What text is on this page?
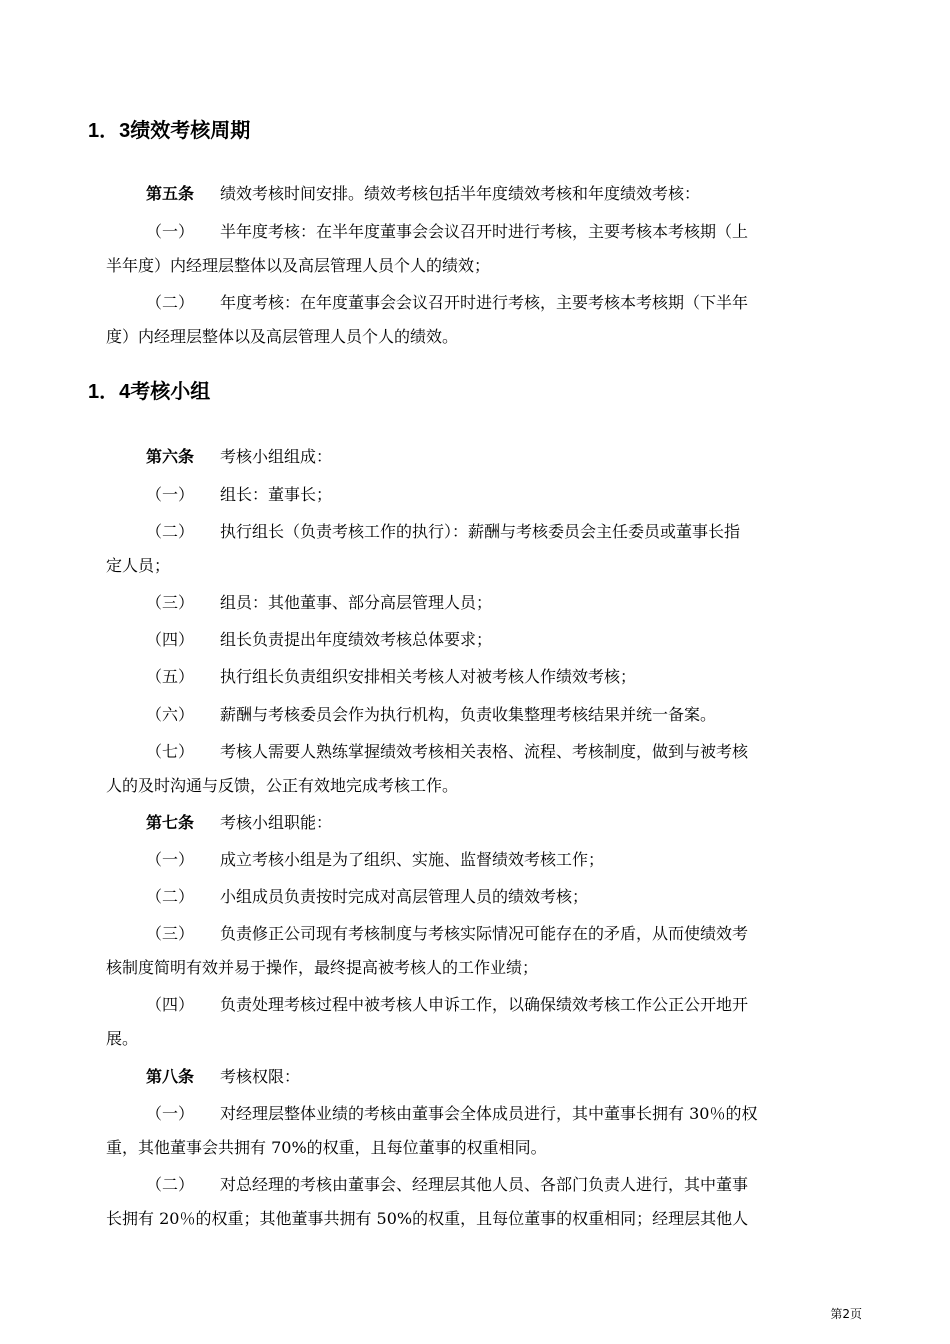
1．3绩效考核周期
第五条 绩效考核时间安排。绩效考核包括半年度绩效考核和年度绩效考核：
（一） 半年度考核：在半年度董事会会议召开时进行考核，主要考核本考核期（上
半年度）内经理层整体以及高层管理人员个人的绩效；
（二） 年度考核：在年度董事会会议召开时进行考核，主要考核本考核期（下半年
度）内经理层整体以及高层管理人员个人的绩效。
1．4考核小组
第六条 考核小组组成：
（一） 组长：董事长；
（二） 执行组长（负责考核工作的执行）：薪酬与考核委员会主任委员或董事长指
定人员；
（三） 组员：其他董事、部分高层管理人员；
（四） 组长负责提出年度绩效考核总体要求；
（五） 执行组长负责组织安排相关考核人对被考核人作绩效考核；
（六） 薪酬与考核委员会作为执行机构，负责收集整理考核结果并统一备案。
（七） 考核人需要人熟练掌握绩效考核相关表格、流程、考核制度，做到与被考核
人的及时沟通与反馈，公正有效地完成考核工作。
第七条 考核小组职能：
（一） 成立考核小组是为了组织、实施、监督绩效考核工作；
（二） 小组成员负责按时完成对高层管理人员的绩效考核；
（三） 负责修正公司现有考核制度与考核实际情况可能存在的矛盾，从而使绩效考
核制度简明有效并易于操作，最终提高被考核人的工作业绩；
（四） 负责处理考核过程中被考核人申诉工作，以确保绩效考核工作公正公开地开
展。
第八条 考核权限：
（一） 对经理层整体业绩的考核由董事会全体成员进行，其中董事长拥有 30％的权
重，其他董事会共拥有 70%的权重，且每位董事的权重相同。
（二） 对总经理的考核由董事会、经理层其他人员、各部门负责人进行，其中董事
长拥有 20％的权重；其他董事共拥有 50%的权重，且每位董事的权重相同；经理层其他人
第2页
